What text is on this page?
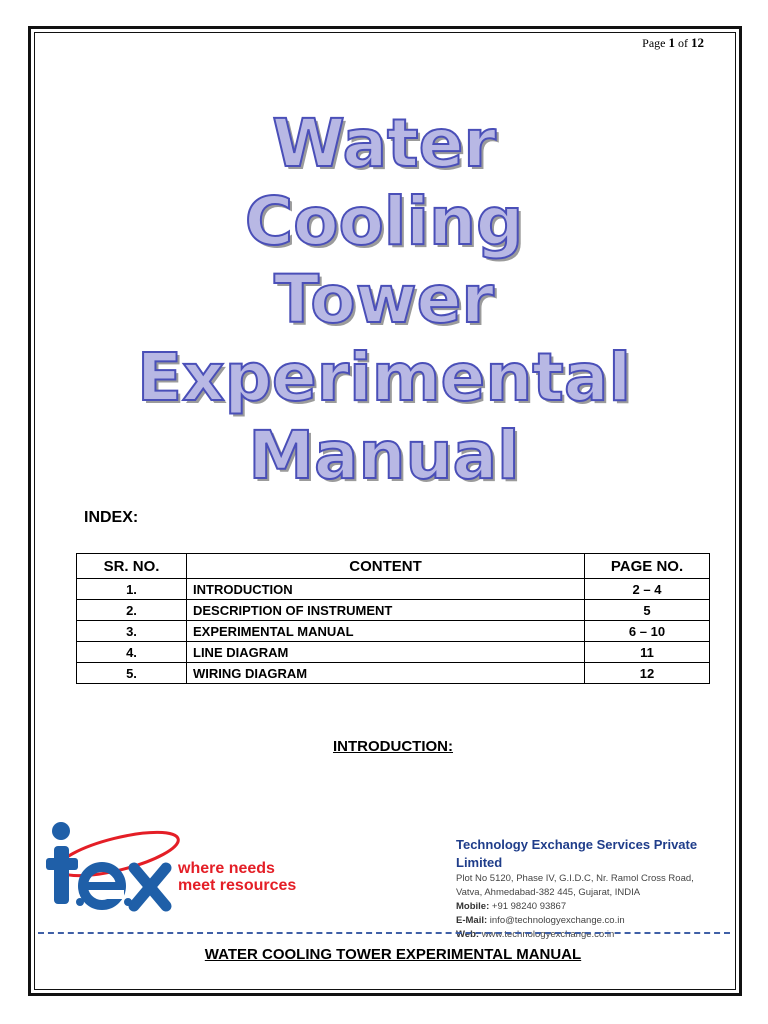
Page 1 of 12
Water
Cooling
Tower
Experimental
Manual
INDEX:
SR. NO.	CONTENT	PAGE NO.
1.	INTRODUCTION	2 – 4
2.	DESCRIPTION OF INSTRUMENT	5
3.	EXPERIMENTAL MANUAL	6 – 10
4.	LINE DIAGRAM	11
5.	WIRING DIAGRAM	12
INTRODUCTION:
where needs
meet resources
Technology Exchange Services Private Limited
Plot No 5120, Phase IV, G.I.D.C, Nr. Ramol Cross Road,
Vatva, Ahmedabad-382 445, Gujarat, INDIA
Mobile: +91 98240 93867
E-Mail: info@technologyexchange.co.in
Web: www.technologyexchange.co.in
WATER COOLING TOWER EXPERIMENTAL MANUAL
